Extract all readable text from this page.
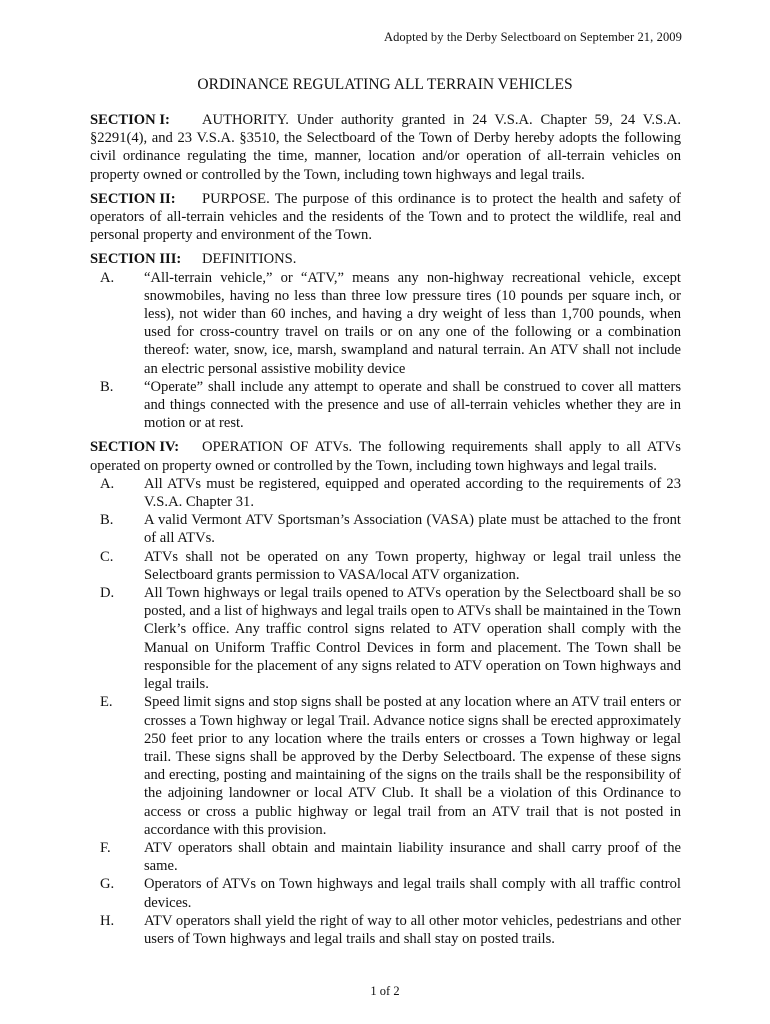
Adopted by the Derby Selectboard on September 21, 2009
ORDINANCE REGULATING ALL TERRAIN VEHICLES
SECTION I: AUTHORITY. Under authority granted in 24 V.S.A. Chapter 59, 24 V.S.A. §2291(4), and 23 V.S.A. §3510, the Selectboard of the Town of Derby hereby adopts the following civil ordinance regulating the time, manner, location and/or operation of all-terrain vehicles on property owned or controlled by the Town, including town highways and legal trails.
SECTION II: PURPOSE. The purpose of this ordinance is to protect the health and safety of operators of all-terrain vehicles and the residents of the Town and to protect the wildlife, real and personal property and environment of the Town.
SECTION III: DEFINITIONS.
A.	“All-terrain vehicle,” or “ATV,” means any non-highway recreational vehicle, except snowmobiles, having no less than three low pressure tires (10 pounds per square inch, or less), not wider than 60 inches, and having a dry weight of less than 1,700 pounds, when used for cross-country travel on trails or on any one of the following or a combination thereof: water, snow, ice, marsh, swampland and natural terrain. An ATV shall not include an electric personal assistive mobility device
B.	“Operate” shall include any attempt to operate and shall be construed to cover all matters and things connected with the presence and use of all-terrain vehicles whether they are in motion or at rest.
SECTION IV: OPERATION OF ATVs. The following requirements shall apply to all ATVs operated on property owned or controlled by the Town, including town highways and legal trails.
A.	All ATVs must be registered, equipped and operated according to the requirements of 23 V.S.A. Chapter 31.
B.	A valid Vermont ATV Sportsman’s Association (VASA) plate must be attached to the front of all ATVs.
C.	ATVs shall not be operated on any Town property, highway or legal trail unless the Selectboard grants permission to VASA/local ATV organization.
D.	All Town highways or legal trails opened to ATVs operation by the Selectboard shall be so posted, and a list of highways and legal trails open to ATVs shall be maintained in the Town Clerk’s office. Any traffic control signs related to ATV operation shall comply with the Manual on Uniform Traffic Control Devices in form and placement. The Town shall be responsible for the placement of any signs related to ATV operation on Town highways and legal trails.
E.	Speed limit signs and stop signs shall be posted at any location where an ATV trail enters or crosses a Town highway or legal Trail. Advance notice signs shall be erected approximately 250 feet prior to any location where the trails enters or crosses a Town highway or legal trail. These signs shall be approved by the Derby Selectboard. The expense of these signs and erecting, posting and maintaining of the signs on the trails shall be the responsibility of the adjoining landowner or local ATV Club. It shall be a violation of this Ordinance to access or cross a public highway or legal trail from an ATV trail that is not posted in accordance with this provision.
F.	ATV operators shall obtain and maintain liability insurance and shall carry proof of the same.
G.	Operators of ATVs on Town highways and legal trails shall comply with all traffic control devices.
H.	ATV operators shall yield the right of way to all other motor vehicles, pedestrians and other users of Town highways and legal trails and shall stay on posted trails.
1 of 2
